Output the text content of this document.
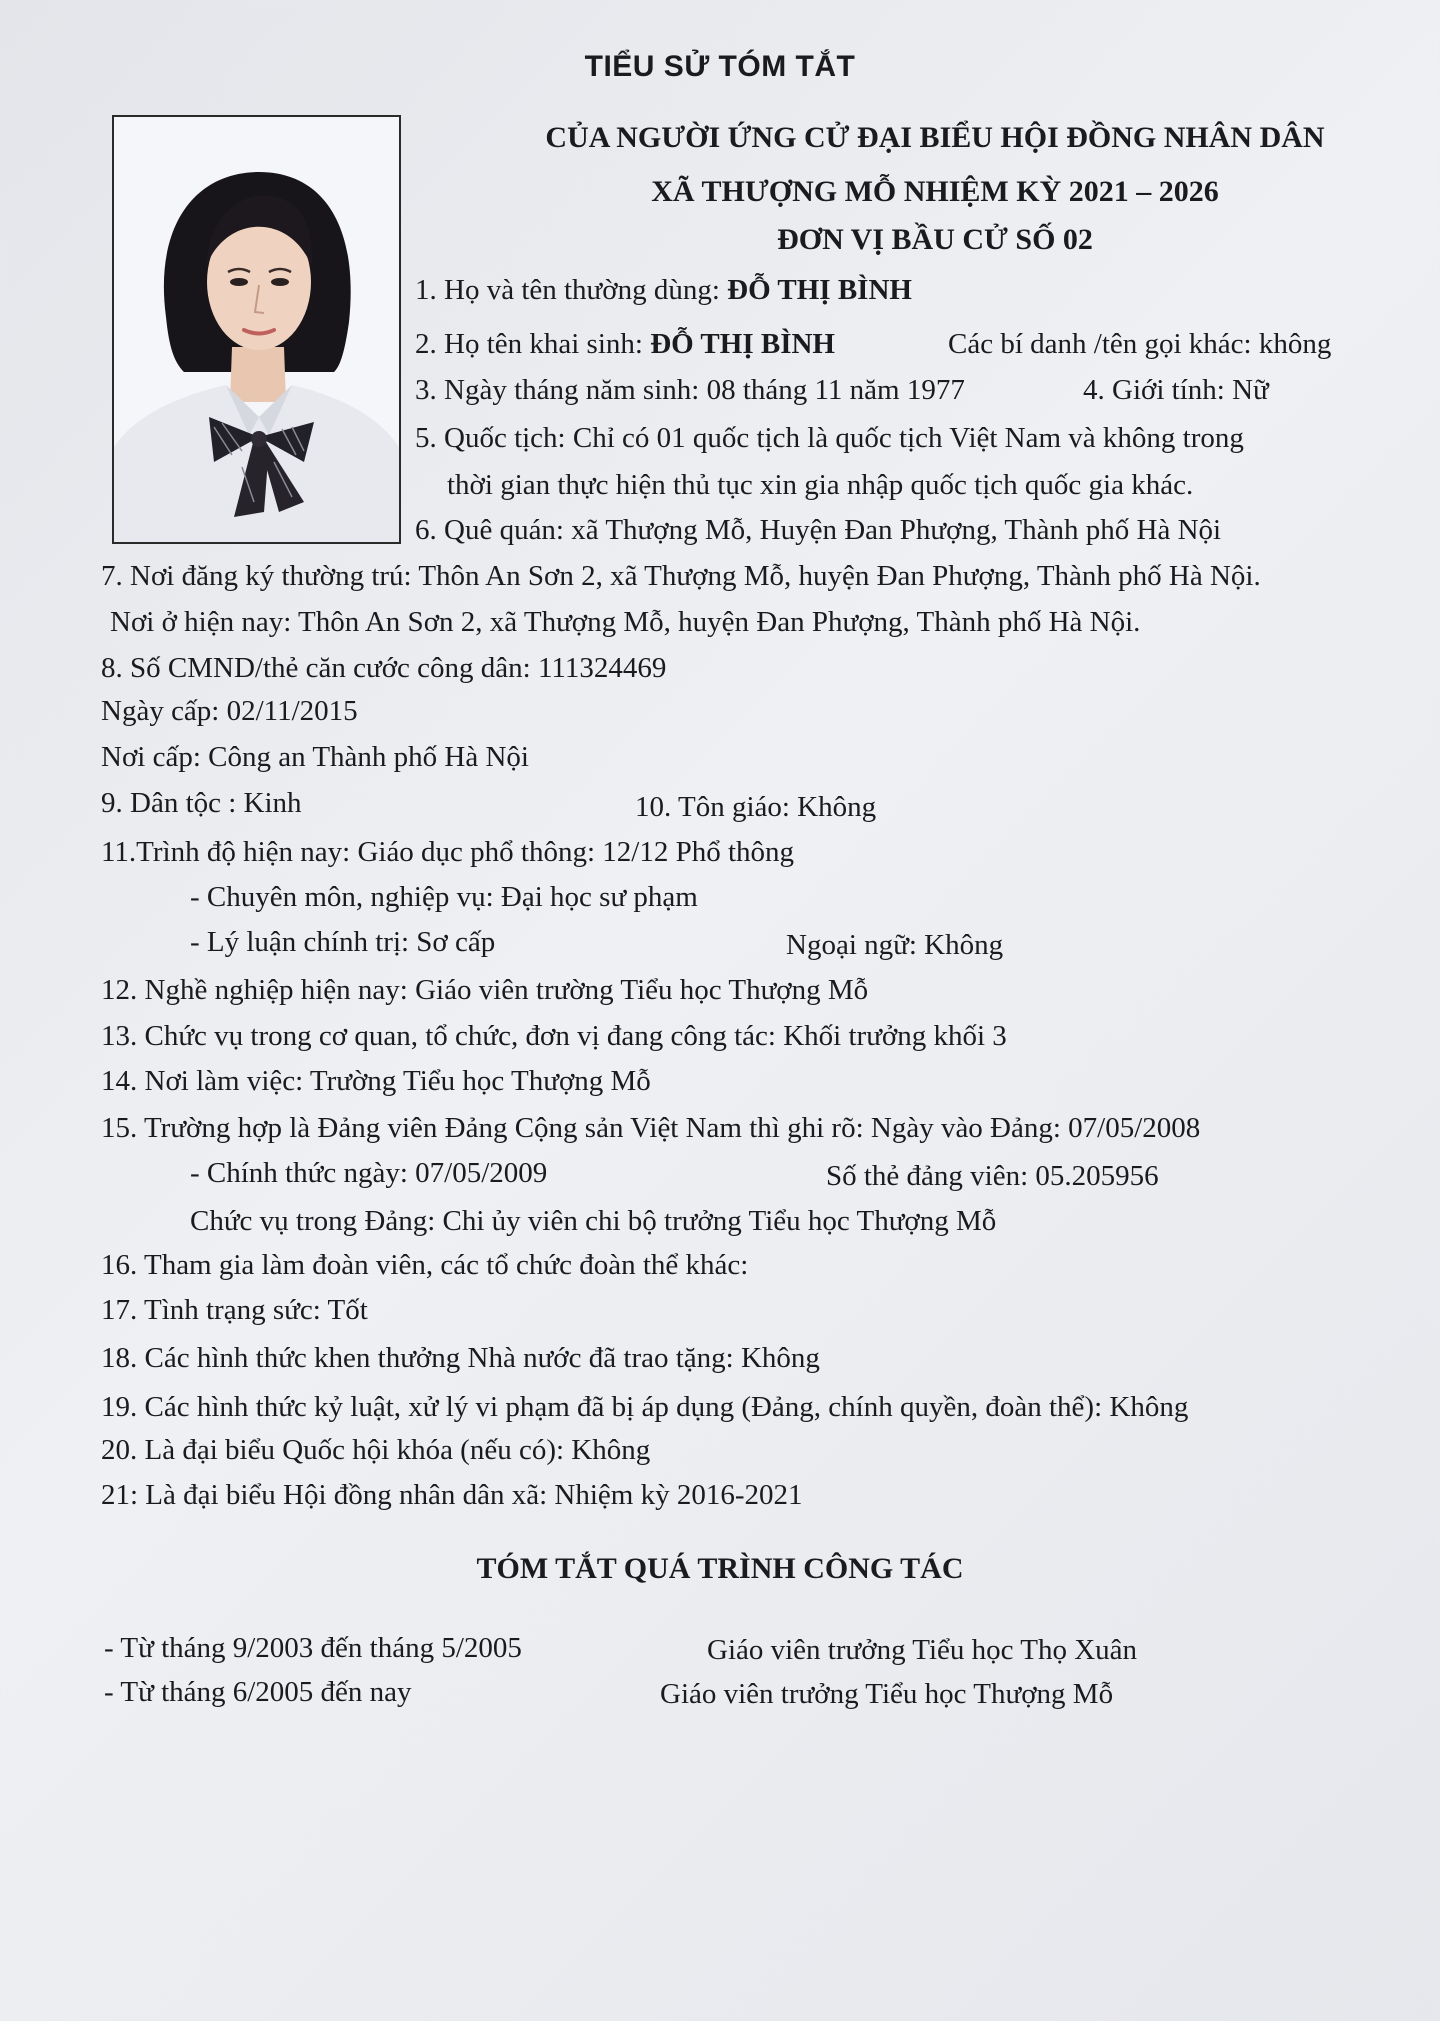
TIỂU SỬ TÓM TẮT
CỦA NGƯỜI ỨNG CỬ ĐẠI BIỂU HỘI ĐỒNG NHÂN DÂN
XÃ THƯỢNG MỖ NHIỆM KỲ 2021 – 2026
ĐƠN VỊ BẦU CỬ SỐ 02
1. Họ và tên thường dùng: ĐỖ THỊ BÌNH
2. Họ tên khai sinh: ĐỖ THỊ BÌNH	Các bí danh /tên gọi khác: không
3. Ngày tháng năm sinh: 08 tháng 11 năm 1977	4. Giới tính: Nữ
5. Quốc tịch: Chỉ có 01 quốc tịch là quốc tịch Việt Nam và không trong
thời gian thực hiện thủ tục xin gia nhập quốc tịch quốc gia khác.
6. Quê quán: xã Thượng Mỗ, Huyện Đan Phượng, Thành phố Hà Nội
7. Nơi đăng ký thường trú: Thôn An Sơn 2, xã Thượng Mỗ, huyện Đan Phượng, Thành phố Hà Nội.
Nơi ở hiện nay: Thôn An Sơn 2, xã Thượng Mỗ, huyện Đan Phượng, Thành phố Hà Nội.
8. Số CMND/thẻ căn cước công dân: 111324469
Ngày cấp: 02/11/2015
Nơi cấp: Công an Thành phố Hà Nội
9. Dân tộc : Kinh	10. Tôn giáo: Không
11.Trình độ hiện nay: Giáo dục phổ thông: 12/12 Phổ thông
- Chuyên môn, nghiệp vụ: Đại học sư phạm
- Lý luận chính trị: Sơ cấp	Ngoại ngữ: Không
12. Nghề nghiệp hiện nay: Giáo viên trường Tiểu học Thượng Mỗ
13. Chức vụ trong cơ quan, tổ chức, đơn vị đang công tác: Khối trưởng khối 3
14. Nơi làm việc: Trường Tiểu học Thượng Mỗ
15. Trường hợp là Đảng viên Đảng Cộng sản Việt Nam thì ghi rõ: Ngày vào Đảng: 07/05/2008
- Chính thức ngày: 07/05/2009	Số thẻ đảng viên: 05.205956
Chức vụ trong Đảng: Chi ủy viên chi bộ trưởng Tiểu học Thượng Mỗ
16. Tham gia làm đoàn viên, các tổ chức đoàn thể khác:
17. Tình trạng sức: Tốt
18. Các hình thức khen thưởng Nhà nước đã trao tặng: Không
19. Các hình thức kỷ luật, xử lý vi phạm đã bị áp dụng (Đảng, chính quyền, đoàn thể): Không
20. Là đại biểu Quốc hội khóa (nếu có): Không
21: Là đại biểu Hội đồng nhân dân xã: Nhiệm kỳ 2016-2021
TÓM TẮT QUÁ TRÌNH CÔNG TÁC
- Từ tháng 9/2003 đến tháng 5/2005	Giáo viên trưởng Tiểu học Thọ Xuân
- Từ tháng 6/2005 đến nay	Giáo viên trưởng Tiểu học Thượng Mỗ
